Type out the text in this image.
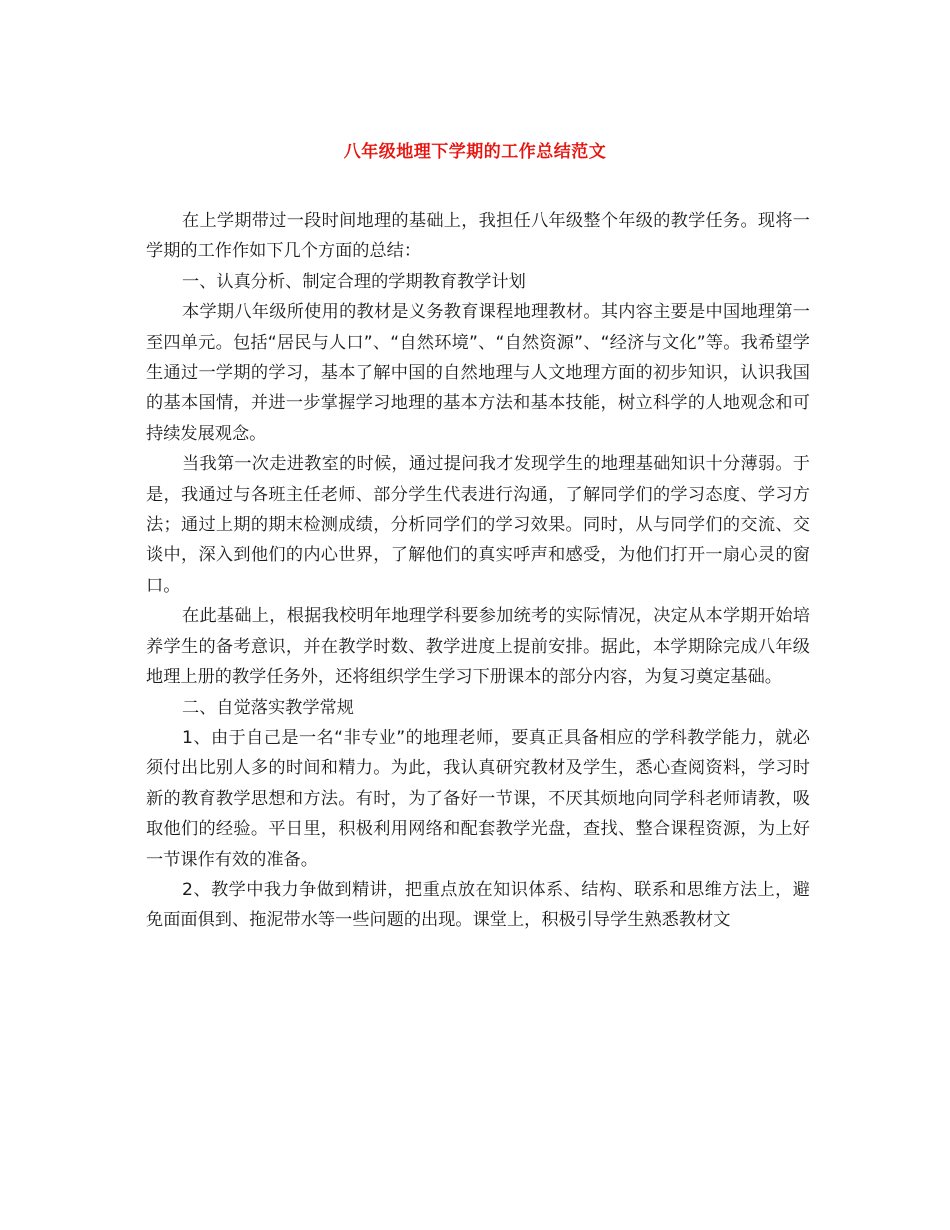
八年级地理下学期的工作总结范文

在上学期带过一段时间地理的基础上，我担任八年级整个年级的教学任务。现将一学期的工作作如下几个方面的总结：

一、认真分析、制定合理的学期教育教学计划

本学期八年级所使用的教材是义务教育课程地理教材。其内容主要是中国地理第一至四单元。包括“居民与人口”、“自然环境”、“自然资源”、“经济与文化”等。我希望学生通过一学期的学习，基本了解中国的自然地理与人文地理方面的初步知识，认识我国的基本国情，并进一步掌握学习地理的基本方法和基本技能，树立科学的人地观念和可持续发展观念。

当我第一次走进教室的时候，通过提问我才发现学生的地理基础知识十分薄弱。于是，我通过与各班主任老师、部分学生代表进行沟通，了解同学们的学习态度、学习方法；通过上期的期末检测成绩，分析同学们的学习效果。同时，从与同学们的交流、交谈中，深入到他们的内心世界，了解他们的真实呼声和感受，为他们打开一扇心灵的窗口。

在此基础上，根据我校明年地理学科要参加统考的实际情况，决定从本学期开始培养学生的备考意识，并在教学时数、教学进度上提前安排。据此，本学期除完成八年级地理上册的教学任务外，还将组织学生学习下册课本的部分内容，为复习奠定基础。

二、自觉落实教学常规

1、由于自己是一名“非专业”的地理老师，要真正具备相应的学科教学能力，就必须付出比别人多的时间和精力。为此，我认真研究教材及学生，悉心查阅资料，学习时新的教育教学思想和方法。有时，为了备好一节课，不厌其烦地向同学科老师请教，吸取他们的经验。平日里，积极利用网络和配套教学光盘，查找、整合课程资源，为上好一节课作有效的准备。

2、教学中我力争做到精讲，把重点放在知识体系、结构、联系和思维方法上，避免面面俱到、拖泥带水等一些问题的出现。课堂上，积极引导学生熟悉教材文
